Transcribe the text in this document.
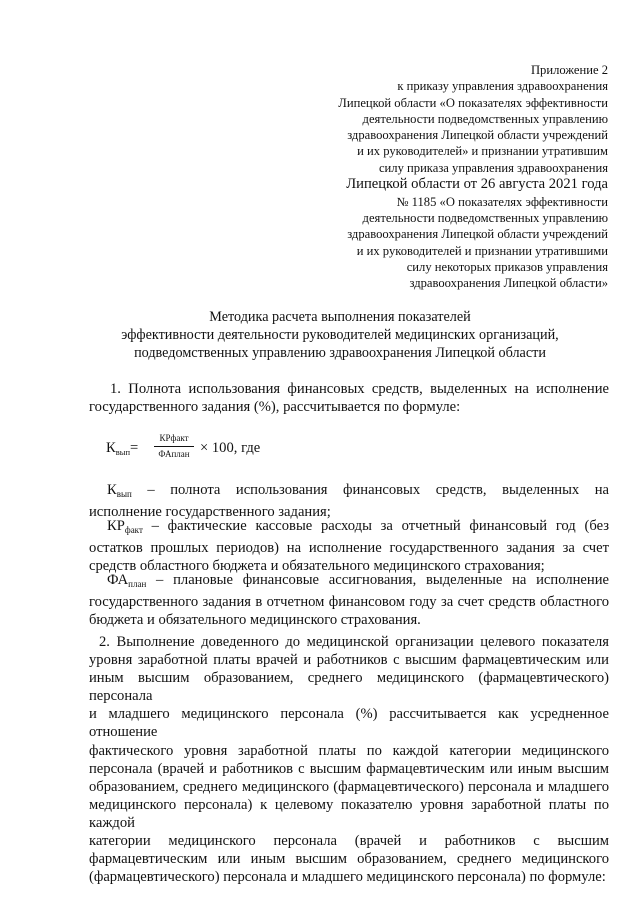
Приложение 2
к приказу управления здравоохранения
Липецкой области «О показателях эффективности
деятельности подведомственных управлению
здравоохранения Липецкой области учреждений
и их руководителей» и признании утратившим
силу приказа управления здравоохранения
Липецкой области от 26 августа 2021 года
№ 1185 «О показателях эффективности
деятельности подведомственных управлению
здравоохранения Липецкой области учреждений
и их руководителей и признании утратившими
силу некоторых приказов управления
здравоохранения Липецкой области»
Методика расчета выполнения показателей
эффективности деятельности руководителей медицинских организаций,
подведомственных управлению здравоохранения Липецкой области
1. Полнота использования финансовых средств, выделенных на исполнение
государственного задания (%), рассчитывается по формуле:
$К_{вып}=$
КРфакт
ФАплан × 100, где
$К_{вып}$ – полнота использования финансовых средств, выделенных на
исполнение государственного задания;
$КР_{факт}$ – фактические кассовые расходы за отчетный финансовый год (без
остатков прошлых периодов) на исполнение государственного задания за счет
средств областного бюджета и обязательного медицинского страхования;
$ФА_{план}$ – плановые финансовые ассигнования, выделенные на исполнение
государственного задания в отчетном финансовом году за счет средств областного
бюджета и обязательного медицинского страхования.
2. Выполнение доведенного до медицинской организации целевого показателя
уровня заработной платы врачей и работников с высшим фармацевтическим или
иным высшим образованием, среднего медицинского (фармацевтического) персонала
и младшего медицинского персонала (%) рассчитывается как усредненное отношение
фактического уровня заработной платы по каждой категории медицинского
персонала (врачей и работников с высшим фармацевтическим или иным высшим
образованием, среднего медицинского (фармацевтического) персонала и младшего
медицинского персонала) к целевому показателю уровня заработной платы по каждой
категории медицинского персонала (врачей и работников с высшим
фармацевтическим или иным высшим образованием, среднего медицинского
(фармацевтического) персонала и младшего медицинского персонала) по формуле:
